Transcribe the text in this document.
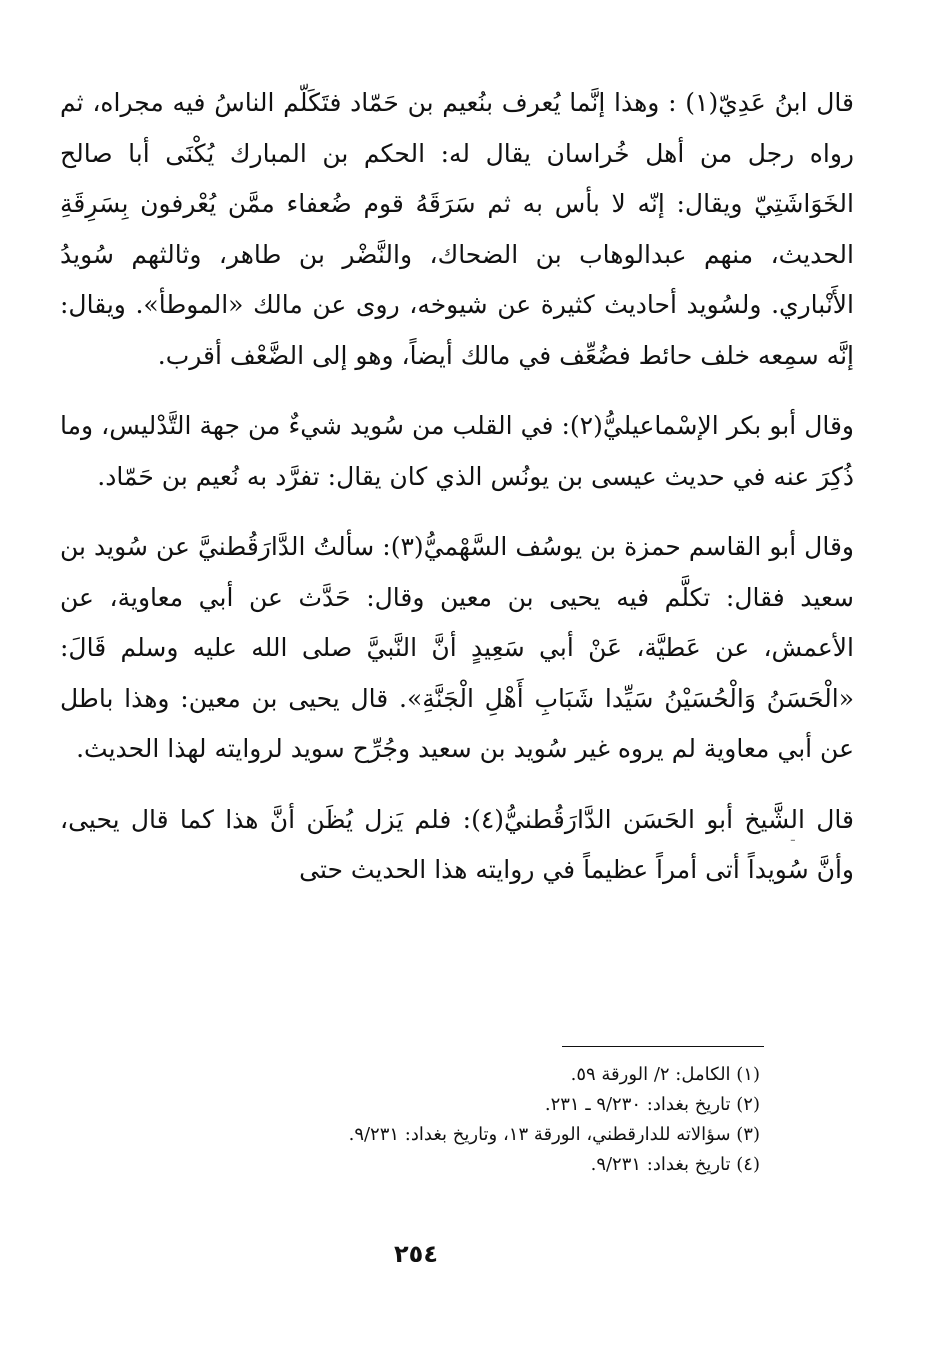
قال ابنُ عَدِيّ(١) : وهذا إنَّما يُعرف بنُعيم بن حَمّاد فتَكَلّم الناسُ فيه مجراه، ثم رواه رجل من أهل خُراسان يقال له: الحكم بن المبارك يُكْنَى أبا صالح الخَوَاشَتِيّ ويقال: إنّه لا بأس به ثم سَرَقَهُ قوم ضُعفاء ممَّن يُعْرفون بِسَرِقَةِ الحديث، منهم عبدالوهاب بن الضحاك، والنَّضْر بن طاهر، وثالثهم سُويدُ الأَنْباري. ولسُويد أحاديث كثيرة عن شيوخه، روى عن مالك «الموطأ». ويقال: إنَّه سمِعه خلف حائط فضُعِّف في مالك أيضاً، وهو إلى الضَّعْف أقرب.

وقال أبو بكر الإسْماعيليُّ(٢): في القلب من سُويد شيءٌ من جهة التَّدْليس، وما ذُكِرَ عنه في حديث عيسى بن يونُس الذي كان يقال: تفرَّد به نُعيم بن حَمّاد.

وقال أبو القاسم حمزة بن يوسُف السَّهْميُّ(٣): سألتُ الدَّارَقُطنيَّ عن سُويد بن سعيد فقال: تكلَّم فيه يحيى بن معين وقال: حَدَّث عن أبي معاوية، عن الأعمش، عن عَطيَّة، عَنْ أبي سَعِيدٍ أنَّ النَّبيَّ صلى الله عليه وسلم قَالَ: «الْحَسَنُ وَالْحُسَيْنُ سَيِّدا شَبَابِ أَهْلِ الْجَنَّةِ». قال يحيى بن معين: وهذا باطل عن أبي معاوية لم يروه غير سُويد بن سعيد وجُرِّح سويد لروايته لهذا الحديث.

قال الشَّيخ أبو الحَسَن الدَّارَقُطنيُّ(٤): فلم يَزل يُظَن أنَّ هذا كما قال يحيى، وأنَّ سُويداً أتى أمراً عظيماً في روايته هذا الحديث حتى

-

(١) الكامل: ٢/ الورقة ٥٩.

(٢) تاريخ بغداد: ٩/٢٣٠ ـ ٢٣١.

(٣) سؤالاته للدارقطني، الورقة ١٣، وتاريخ بغداد: ٩/٢٣١.

(٤) تاريخ بغداد: ٩/٢٣١.

٢٥٤
